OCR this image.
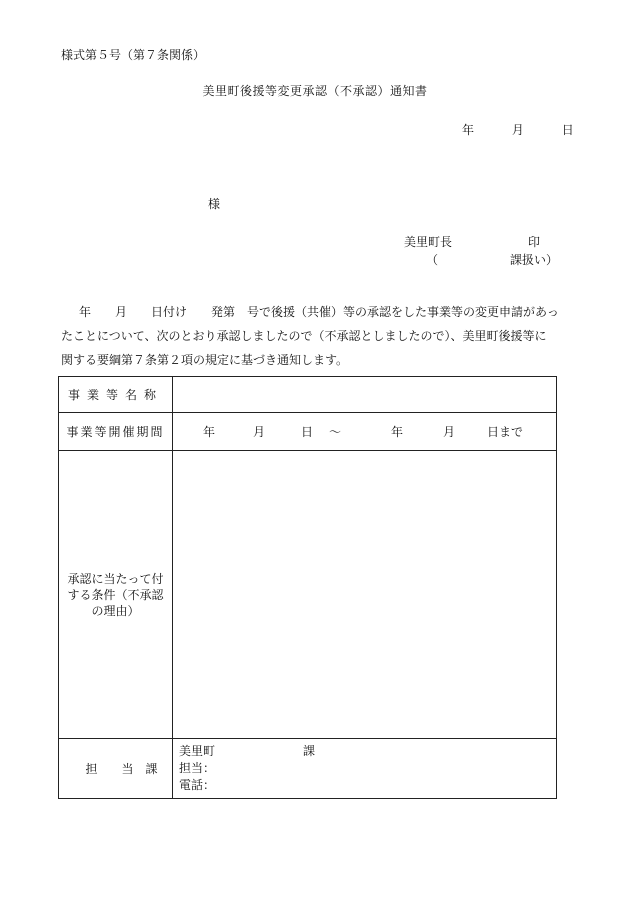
様式第５号（第７条関係）
美里町後援等変更承認（不承認）通知書
年	月	日
様
美里町長	印
（	課扱い）

年　　月　　日付け　　発第　号で後援（共催）等の承認をした事業等の変更申請があっ

たことについて、次のとおり承認しましたので（不承認としましたので）、美里町後援等に

関する要綱第７条第２項の規定に基づき通知します。

事業等名称	
事業等開催期間	年 月 日 ～ 年 月 日まで
承認に当たって付する条件（不承認の理由）	
担 当 課	美里町 課
担当：
電話：
